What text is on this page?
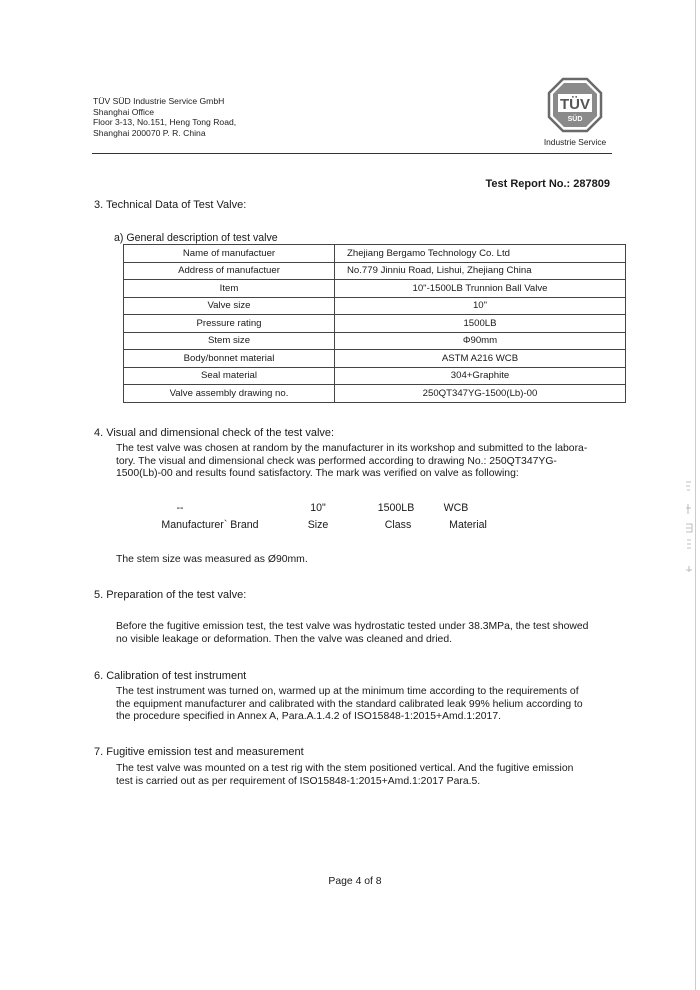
TÜV SÜD Industrie Service GmbH
Shanghai Office
Floor 3-13, No.151, Heng Tong Road,
Shanghai 200070 P. R. China
TÜV
SÜD
Industrie Service
Test Report No.: 287809
3. Technical Data of Test Valve:
a) General description of test valve
Name of manufactuer	Zhejiang Bergamo Technology Co. Ltd
Address of manufactuer	No.779 Jinniu Road, Lishui, Zhejiang China
Item	10"-1500LB Trunnion Ball Valve
Valve size	10"
Pressure rating	1500LB
Stem size	Φ90mm
Body/bonnet material	ASTM A216 WCB
Seal material	304+Graphite
Valve assembly drawing no.	250QT347YG-1500(Lb)-00
4. Visual and dimensional check of the test valve:
The test valve was chosen at random by the manufacturer in its workshop and submitted to the labora-
tory. The visual and dimensional check was performed according to drawing No.: 250QT347YG-
1500(Lb)-00 and results found satisfactory. The mark was verified on valve as following:
--	10"	1500LB	WCB
Manufacturer` Brand	Size	Class	Material
The stem size was measured as Ø90mm.
5. Preparation of the test valve:
Before the fugitive emission test, the test valve was hydrostatic tested under 38.3MPa, the test showed
no visible leakage or deformation. Then the valve was cleaned and dried.
6. Calibration of test instrument
The test instrument was turned on, warmed up at the minimum time according to the requirements of
the equipment manufacturer and calibrated with the standard calibrated leak 99% helium according to
the procedure specified in Annex A, Para.A.1.4.2 of ISO15848-1:2015+Amd.1:2017.
7. Fugitive emission test and measurement
The test valve was mounted on a test rig with the stem positioned vertical. And the fugitive emission
test is carried out as per requirement of ISO15848-1:2015+Amd.1:2017 Para.5.
Page 4 of 8
